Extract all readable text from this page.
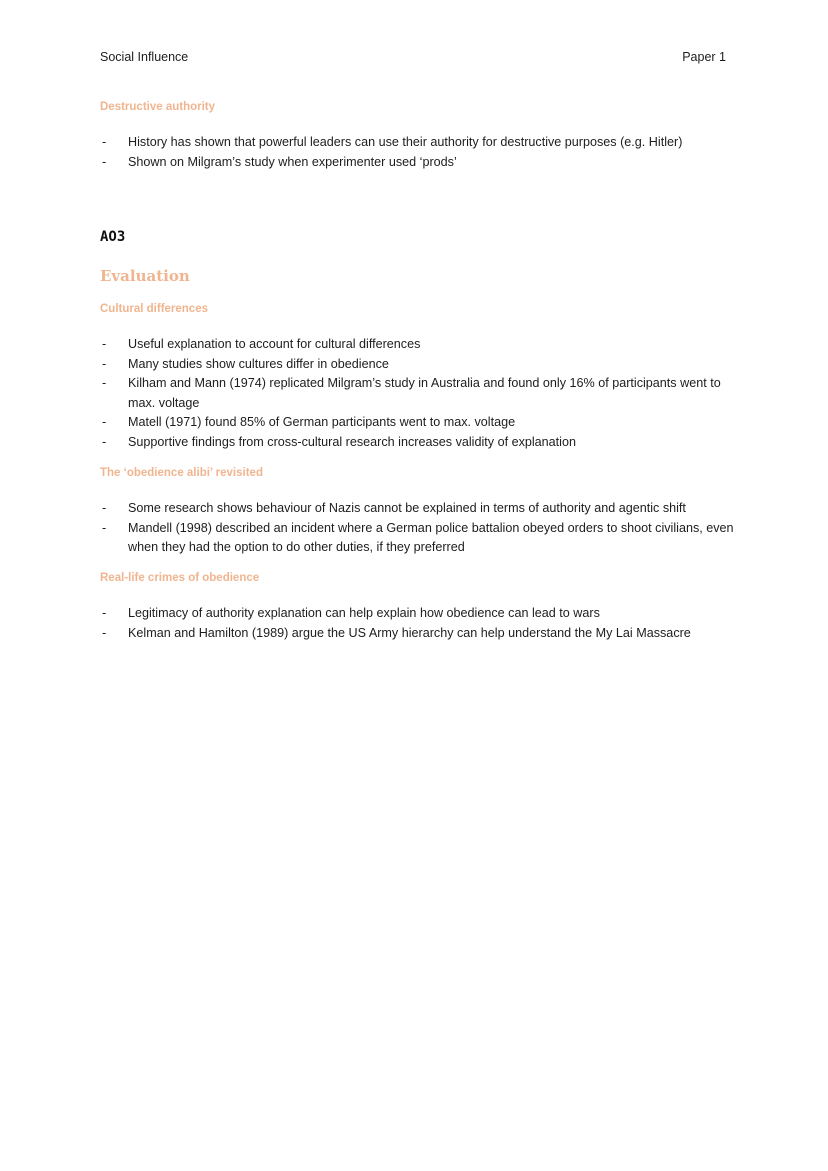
Social Influence	Paper 1
Destructive authority
- History has shown that powerful leaders can use their authority for destructive purposes (e.g. Hitler)
- Shown on Milgram’s study when experimenter used ‘prods’
AO3
Evaluation
Cultural differences
- Useful explanation to account for cultural differences
- Many studies show cultures differ in obedience
- Kilham and Mann (1974) replicated Milgram’s study in Australia and found only 16% of participants went to max. voltage
- Matell (1971) found 85% of German participants went to max. voltage
- Supportive findings from cross-cultural research increases validity of explanation
The ‘obedience alibi’ revisited
- Some research shows behaviour of Nazis cannot be explained in terms of authority and agentic shift
- Mandell (1998) described an incident where a German police battalion obeyed orders to shoot civilians, even when they had the option to do other duties, if they preferred
Real-life crimes of obedience
- Legitimacy of authority explanation can help explain how obedience can lead to wars
- Kelman and Hamilton (1989) argue the US Army hierarchy can help understand the My Lai Massacre
